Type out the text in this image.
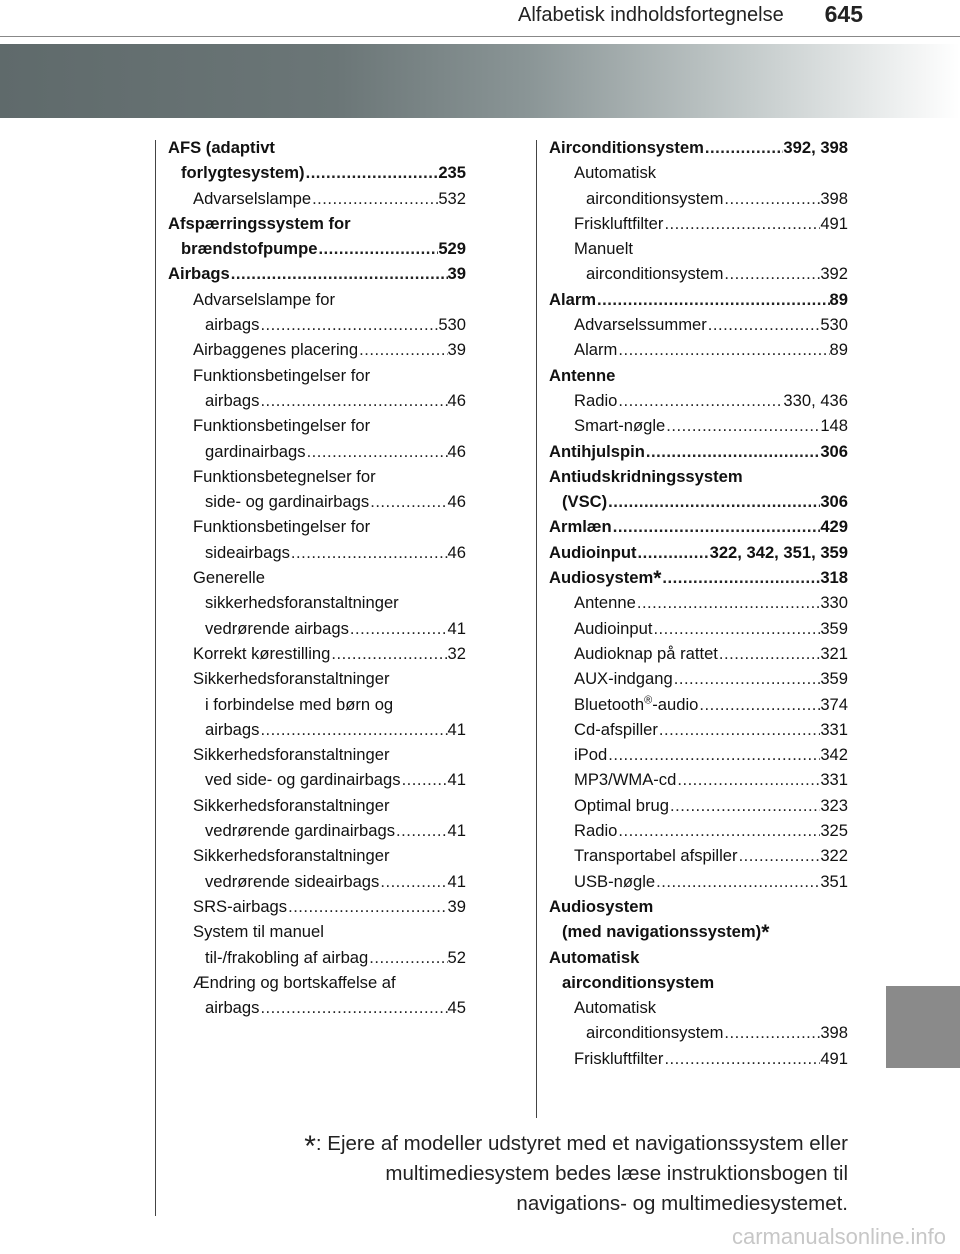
Alfabetisk indholdsfortegnelse 645
AFS (adaptivt
forlygtesystem) .....	235
Advarselslampe .....	532
Afspærringssystem for
brændstofpumpe .....	529
Airbags .....	39
Advarselslampe for
airbags .....	530
Airbaggenes placering .....	39
Funktionsbetingelser for
airbags .....	46
Funktionsbetingelser for
gardinairbags .....	46
Funktionsbetegnelser for
side- og gardinairbags .....	46
Funktionsbetingelser for
sideairbags .....	46
Generelle
sikkerhedsforanstaltninger
vedrørende airbags .....	41
Korrekt kørestilling .....	32
Sikkerhedsforanstaltninger
i forbindelse med børn og
airbags .....	41
Sikkerhedsforanstaltninger
ved side- og gardinairbags .....	41
Sikkerhedsforanstaltninger
vedrørende gardinairbags .....	41
Sikkerhedsforanstaltninger
vedrørende sideairbags .....	41
SRS-airbags .....	39
System til manuel
til-/frakobling af airbag .....	52
Ændring og bortskaffelse af
airbags .....	45
Airconditionsystem .....	392, 398
Automatisk
airconditionsystem .....	398
Friskluftfilter .....	491
Manuelt
airconditionsystem .....	392
Alarm .....	89
Advarselssummer .....	530
Alarm .....	89
Antenne
Radio .....	330, 436
Smart-nøgle .....	148
Antihjulspin .....	306
Antiudskridningssystem
(VSC) .....	306
Armlæn .....	429
Audioinput .....	322, 342, 351, 359
Audiosystem* .....	318
Antenne .....	330
Audioinput .....	359
Audioknap på rattet .....	321
AUX-indgang .....	359
Bluetooth®-audio .....	374
Cd-afspiller .....	331
iPod .....	342
MP3/WMA-cd .....	331
Optimal brug .....	323
Radio .....	325
Transportabel afspiller .....	322
USB-nøgle .....	351
Audiosystem
(med navigationssystem)*
Automatisk
airconditionsystem
Automatisk
airconditionsystem .....	398
Friskluftfilter .....	491
*: Ejere af modeller udstyret med et navigationssystem eller
multimediesystem bedes læse instruktionsbogen til
navigations- og multimediesystemet.
carmanualsonline.info
